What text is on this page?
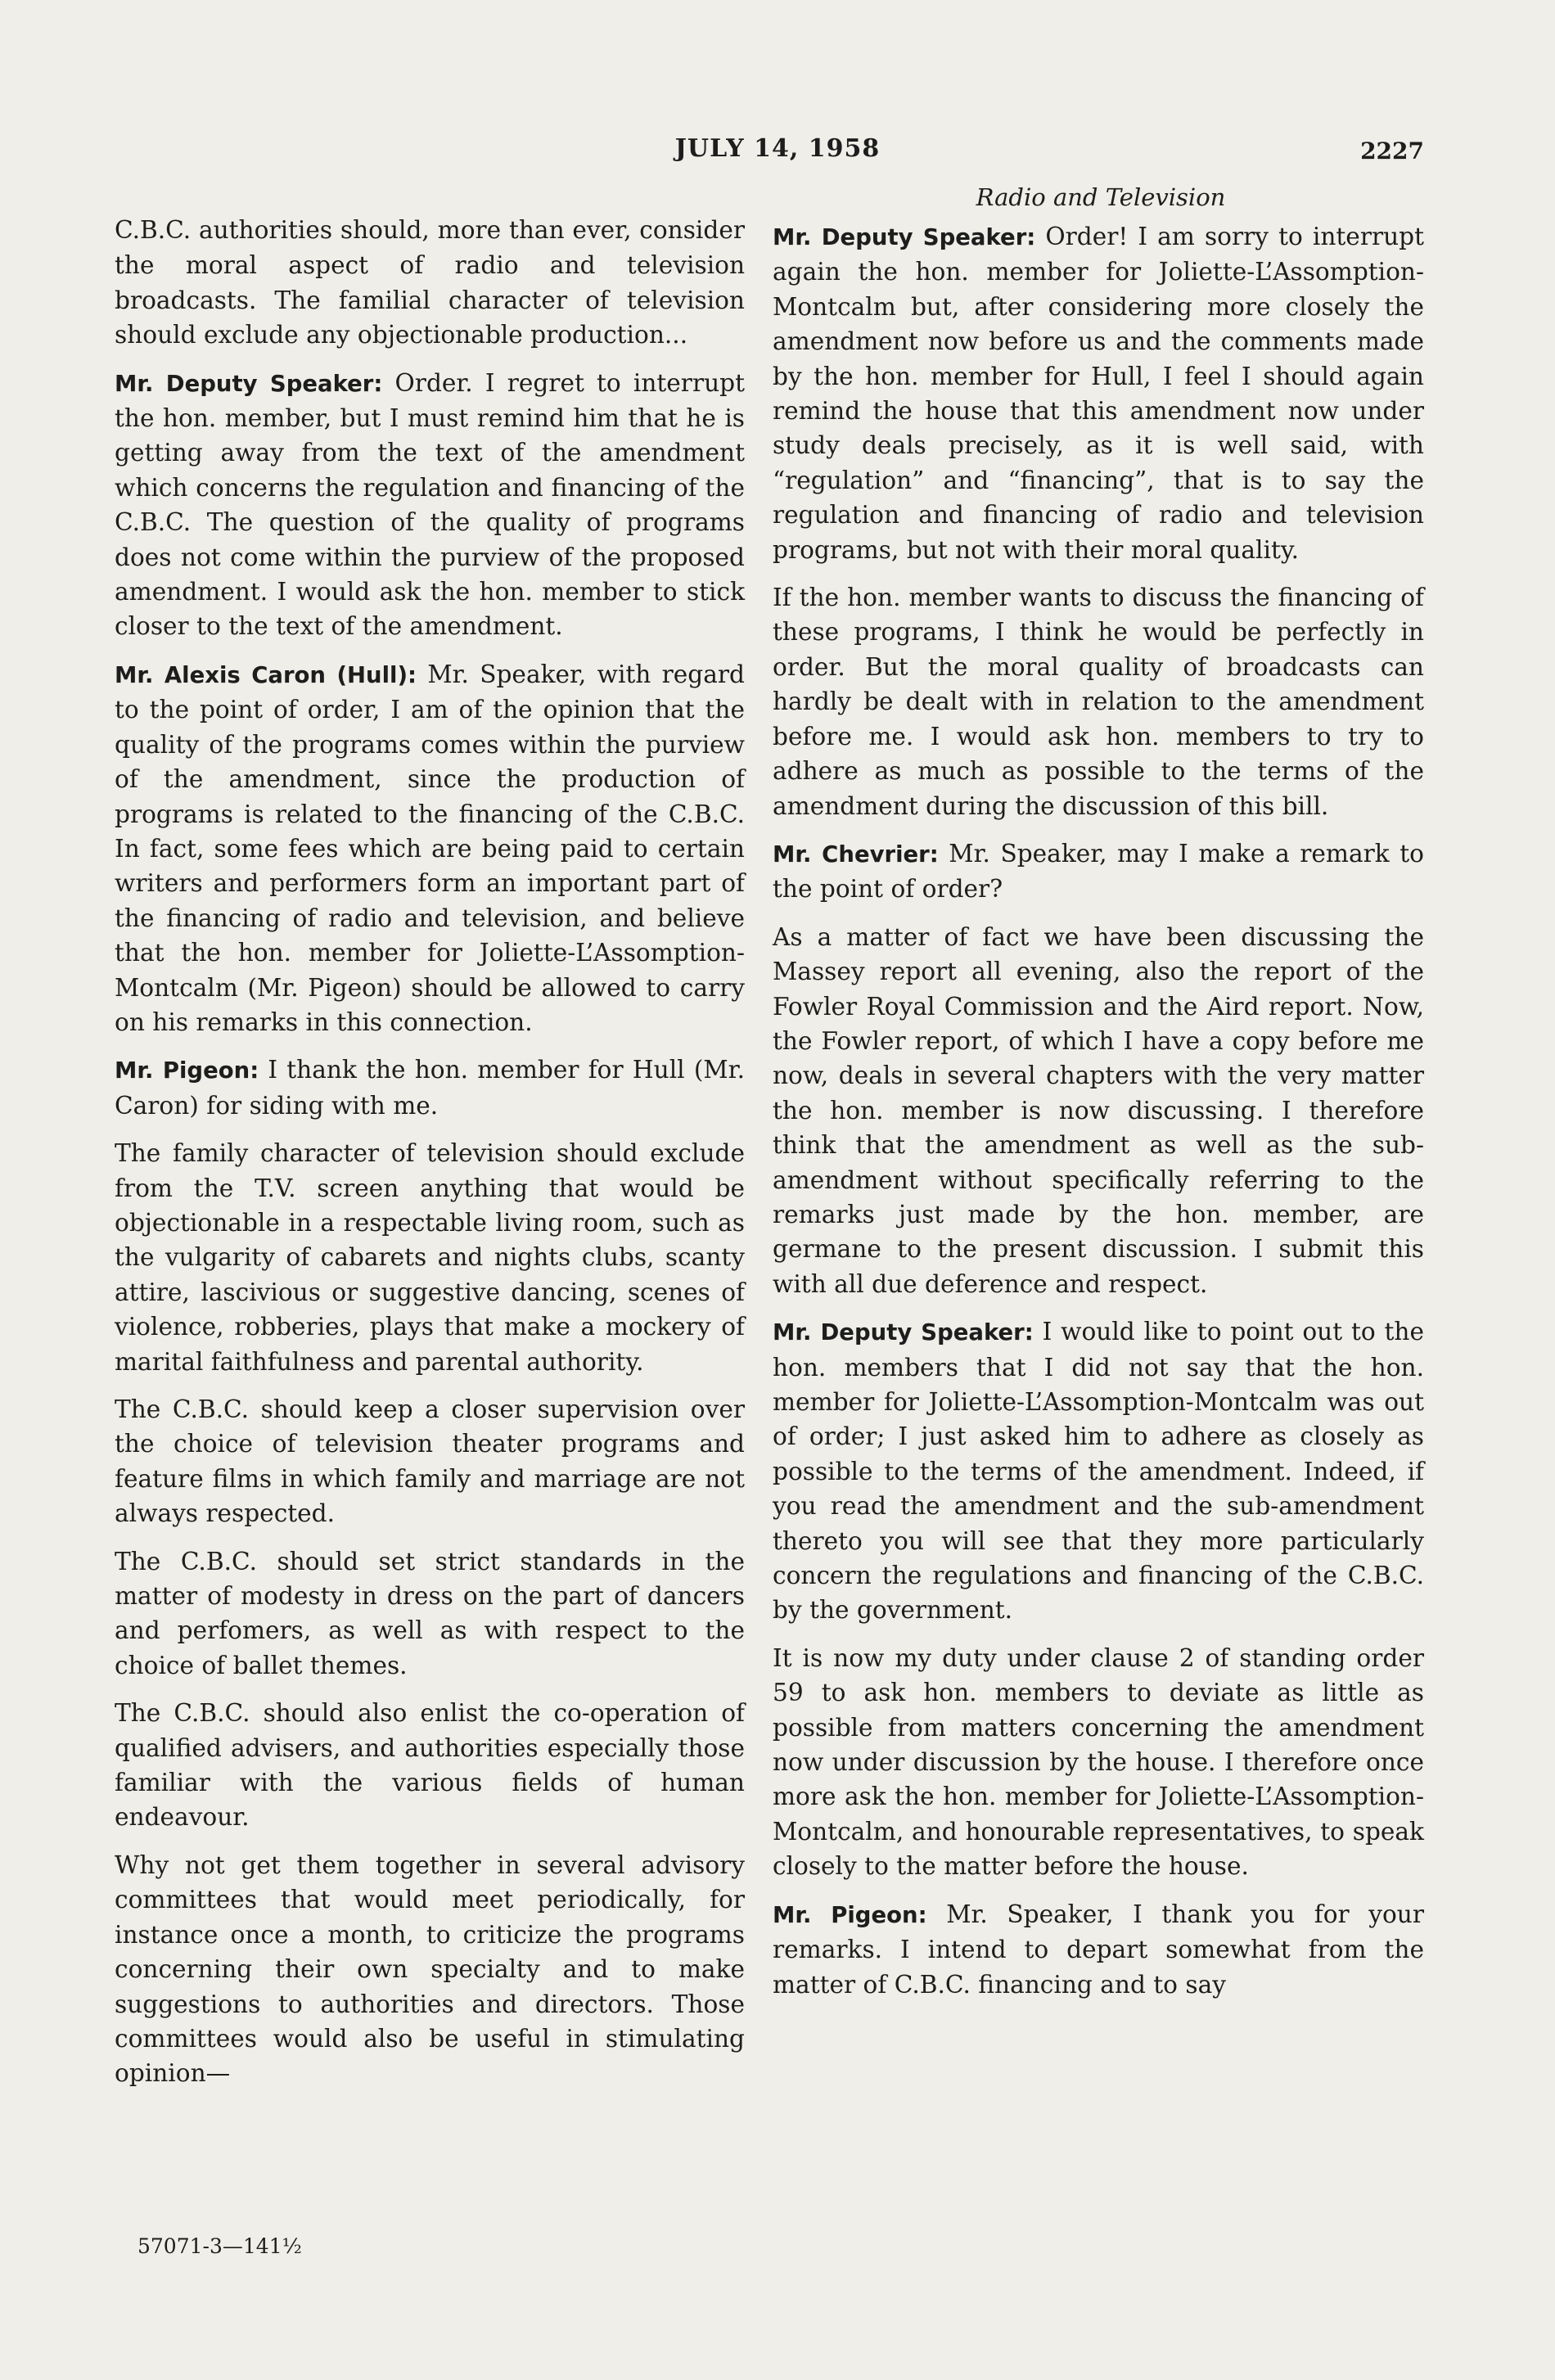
JULY 14, 1958	2227
Radio and Television

C.B.C. authorities should, more than ever, consider the moral aspect of radio and television broadcasts. The familial character of television should exclude any objectionable production...

Mr. Deputy Speaker: Order. I regret to interrupt the hon. member, but I must remind him that he is getting away from the text of the amendment which concerns the regulation and financing of the C.B.C. The question of the quality of programs does not come within the purview of the proposed amendment. I would ask the hon. member to stick closer to the text of the amendment.

Mr. Alexis Caron (Hull): Mr. Speaker, with regard to the point of order, I am of the opinion that the quality of the programs comes within the purview of the amendment, since the production of programs is related to the financing of the C.B.C. In fact, some fees which are being paid to certain writers and performers form an important part of the financing of radio and television, and believe that the hon. member for Joliette-L’Assomption-Montcalm (Mr. Pigeon) should be allowed to carry on his remarks in this connection.

Mr. Pigeon: I thank the hon. member for Hull (Mr. Caron) for siding with me.

The family character of television should exclude from the T.V. screen anything that would be objectionable in a respectable living room, such as the vulgarity of cabarets and nights clubs, scanty attire, lascivious or suggestive dancing, scenes of violence, robberies, plays that make a mockery of marital faithfulness and parental authority.

The C.B.C. should keep a closer supervision over the choice of television theater programs and feature films in which family and marriage are not always respected.

The C.B.C. should set strict standards in the matter of modesty in dress on the part of dancers and perfomers, as well as with respect to the choice of ballet themes.

The C.B.C. should also enlist the co-operation of qualified advisers, and authorities especially those familiar with the various fields of human endeavour.

Why not get them together in several advisory committees that would meet periodically, for instance once a month, to criticize the programs concerning their own specialty and to make suggestions to authorities and directors. Those committees would also be useful in stimulating opinion—

Mr. Deputy Speaker: Order! I am sorry to interrupt again the hon. member for Joliette-L’Assomption-Montcalm but, after considering more closely the amendment now before us and the comments made by the hon. member for Hull, I feel I should again remind the house that this amendment now under study deals precisely, as it is well said, with “regulation” and “financing”, that is to say the regulation and financing of radio and television programs, but not with their moral quality.

If the hon. member wants to discuss the financing of these programs, I think he would be perfectly in order. But the moral quality of broadcasts can hardly be dealt with in relation to the amendment before me. I would ask hon. members to try to adhere as much as possible to the terms of the amendment during the discussion of this bill.

Mr. Chevrier: Mr. Speaker, may I make a remark to the point of order?

As a matter of fact we have been discussing the Massey report all evening, also the report of the Fowler Royal Commission and the Aird report. Now, the Fowler report, of which I have a copy before me now, deals in several chapters with the very matter the hon. member is now discussing. I therefore think that the amendment as well as the sub-amendment without specifically referring to the remarks just made by the hon. member, are germane to the present discussion. I submit this with all due deference and respect.

Mr. Deputy Speaker: I would like to point out to the hon. members that I did not say that the hon. member for Joliette-L’Assomption-Montcalm was out of order; I just asked him to adhere as closely as possible to the terms of the amendment. Indeed, if you read the amendment and the sub-amendment thereto you will see that they more particularly concern the regulations and financing of the C.B.C. by the government.

It is now my duty under clause 2 of standing order 59 to ask hon. members to deviate as little as possible from matters concerning the amendment now under discussion by the house. I therefore once more ask the hon. member for Joliette-L’Assomption-Montcalm, and honourable representatives, to speak closely to the matter before the house.

Mr. Pigeon: Mr. Speaker, I thank you for your remarks. I intend to depart somewhat from the matter of C.B.C. financing and to say

57071-3—141½
